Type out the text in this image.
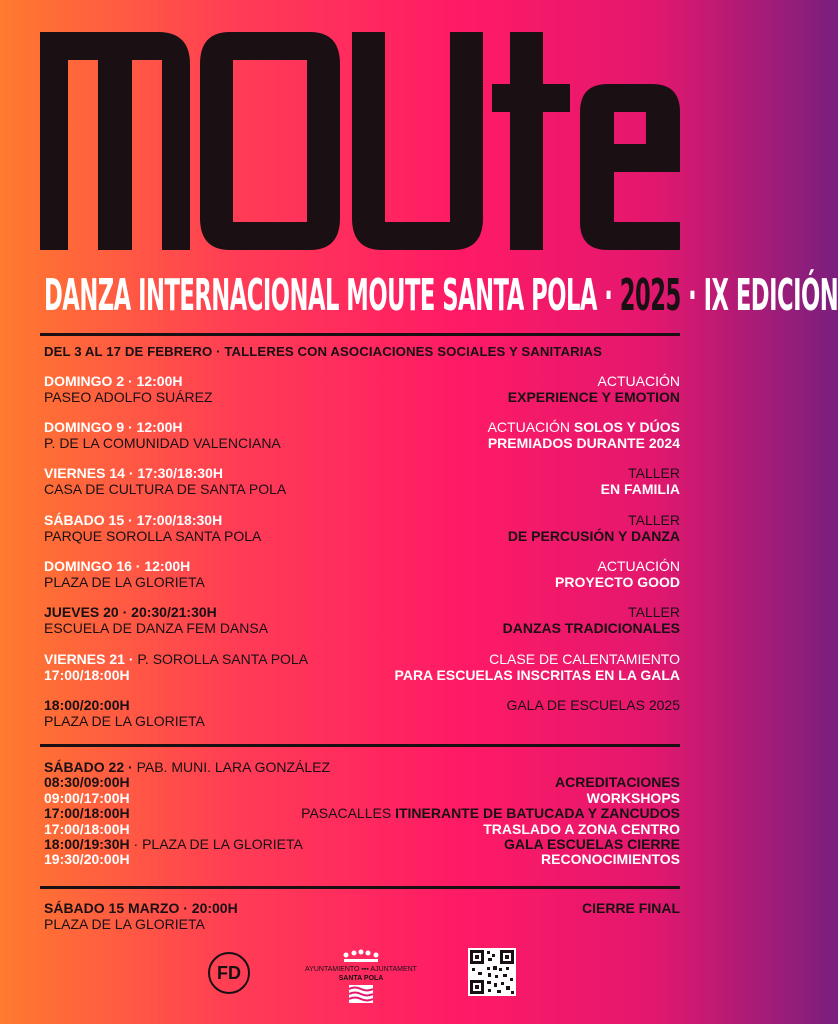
DANZA INTERNACIONAL MOUTE SANTA POLA · 2025 · IX EDICIÓN
DEL 3 AL 17 DE FEBRERO · TALLERES CON ASOCIACIONES SOCIALES Y SANITARIAS
DOMINGO 2 · 12:00H
PASEO ADOLFO SUÁREZ
ACTUACIÓN
EXPERIENCE Y EMOTION
DOMINGO 9 · 12:00H
P. DE LA COMUNIDAD VALENCIANA
ACTUACIÓN SOLOS Y DÚOS
PREMIADOS DURANTE 2024
VIERNES 14 · 17:30/18:30H
CASA DE CULTURA DE SANTA POLA
TALLER
EN FAMILIA
SÁBADO 15 · 17:00/18:30H
PARQUE SOROLLA SANTA POLA
TALLER
DE PERCUSIÓN Y DANZA
DOMINGO 16 · 12:00H
PLAZA DE LA GLORIETA
ACTUACIÓN
PROYECTO GOOD
JUEVES 20 · 20:30/21:30H
ESCUELA DE DANZA FEM DANSA
TALLER
DANZAS TRADICIONALES
VIERNES 21 · P. SOROLLA SANTA POLA
17:00/18:00H
CLASE DE CALENTAMIENTO
PARA ESCUELAS INSCRITAS EN LA GALA
18:00/20:00H
PLAZA DE LA GLORIETA
GALA DE ESCUELAS 2025
SÁBADO 22 · PAB. MUNI. LARA GONZÁLEZ
08:30/09:00H
09:00/17:00H
17:00/18:00H
17:00/18:00H
18:00/19:30H · PLAZA DE LA GLORIETA
19:30/20:00H

ACREDITACIONES
WORKSHOPS
PASACALLES ITINERANTE DE BATUCADA Y ZANCUDOS
TRASLADO A ZONA CENTRO
GALA ESCUELAS CIERRE
RECONOCIMIENTOS
SÁBADO 15 MARZO · 20:00H
PLAZA DE LA GLORIETA
CIERRE FINAL
FD	AYUNTAMIENTO ▪▪▪ AJUNTAMENT
SANTA POLA
